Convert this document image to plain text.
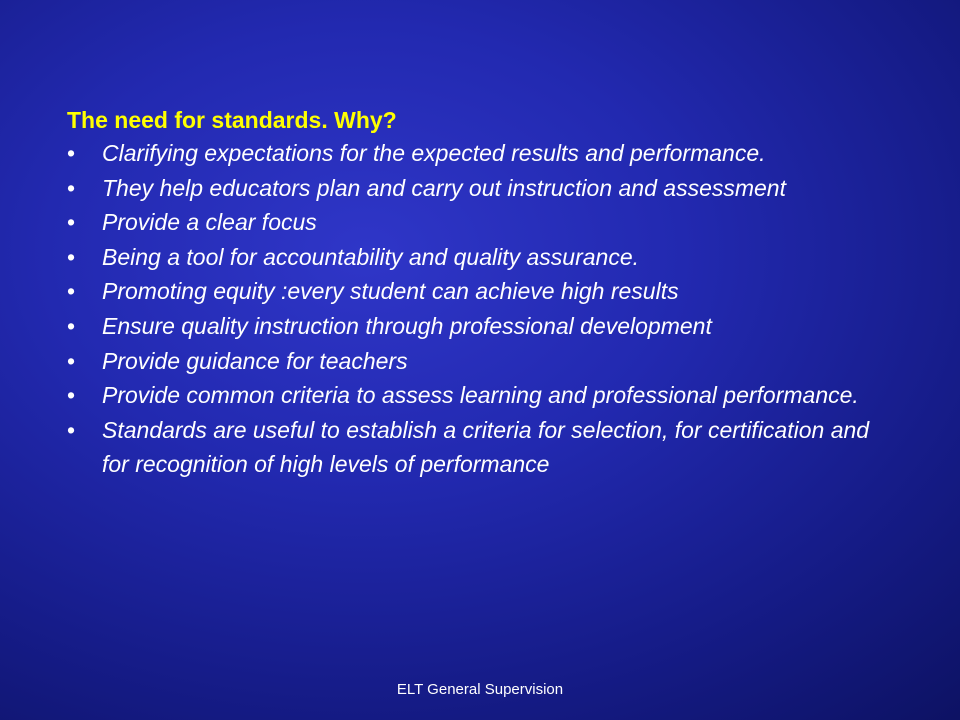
The need for standards. Why?

• Clarifying expectations for the expected results and performance.
• They help educators plan and carry out instruction and assessment
• Provide a clear focus
• Being a tool for accountability and quality assurance.
• Promoting equity :every student can achieve high results
• Ensure quality instruction through professional development
• Provide guidance for teachers
• Provide common criteria to assess learning and professional performance.
• Standards are useful to establish a criteria for selection, for certification and for recognition of high levels of performance
ELT General Supervision
